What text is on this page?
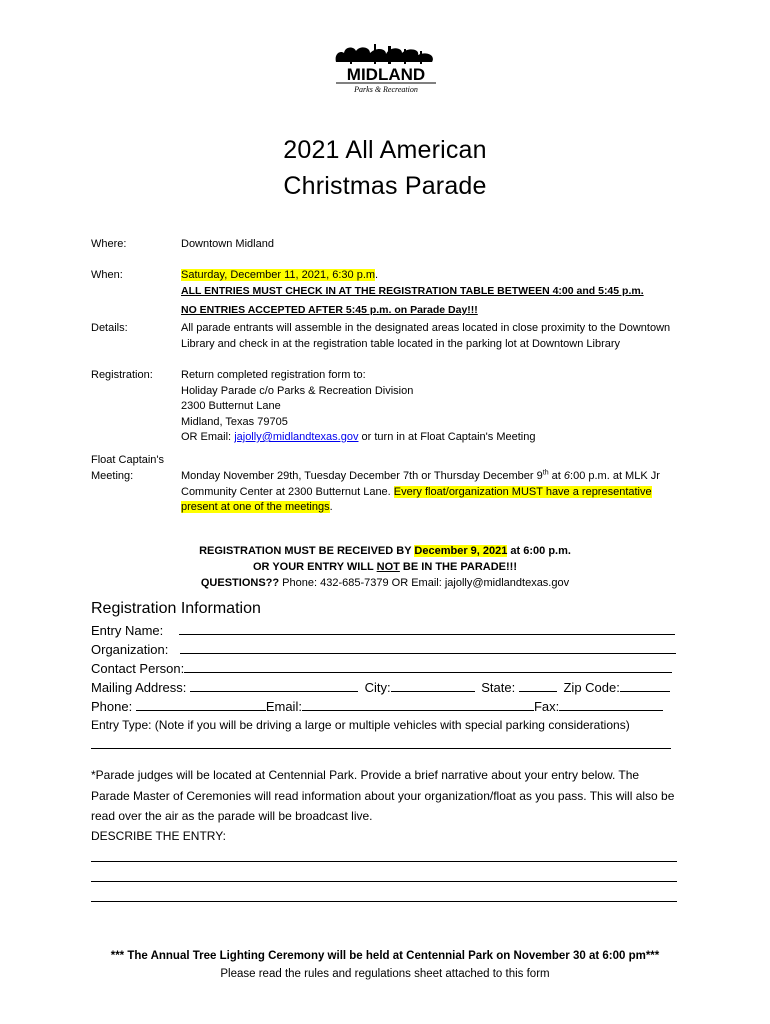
MIDLAND
Parks & Recreation
2021 All American
Christmas Parade
Where:	Downtown Midland
When:	Saturday, December 11, 2021, 6:30 p.m.
ALL ENTRIES MUST CHECK IN AT THE REGISTRATION TABLE BETWEEN 4:00 and 5:45 p.m.
NO ENTRIES ACCEPTED AFTER 5:45 p.m. on Parade Day!!!
Details:	All parade entrants will assemble in the designated areas located in close proximity to the Downtown Library and check in at the registration table located in the parking lot at Downtown Library
Registration:	Return completed registration form to:
Holiday Parade c/o Parks & Recreation Division
2300 Butternut Lane
Midland, Texas 79705
OR Email: jajolly@midlandtexas.gov or turn in at Float Captain's Meeting
Float Captain's
Meeting:	Monday November 29th, Tuesday December 7th or Thursday December 9th at 6:00 p.m. at MLK Jr Community Center at 2300 Butternut Lane. Every float/organization MUST have a representative present at one of the meetings.
REGISTRATION MUST BE RECEIVED BY December 9, 2021 at 6:00 p.m.
OR YOUR ENTRY WILL NOT BE IN THE PARADE!!!
QUESTIONS?? Phone: 432-685-7379 OR Email: jajolly@midlandtexas.gov
Registration Information
Entry Name:
Organization:
Contact Person:
Mailing Address:	City:	State:	Zip Code:
Phone:	Email:	Fax:
Entry Type: (Note if you will be driving a large or multiple vehicles with special parking considerations)
*Parade judges will be located at Centennial Park. Provide a brief narrative about your entry below. The Parade Master of Ceremonies will read information about your organization/float as you pass. This will also be read over the air as the parade will be broadcast live.
DESCRIBE THE ENTRY:
*** The Annual Tree Lighting Ceremony will be held at Centennial Park on November 30 at 6:00 pm***
Please read the rules and regulations sheet attached to this form
